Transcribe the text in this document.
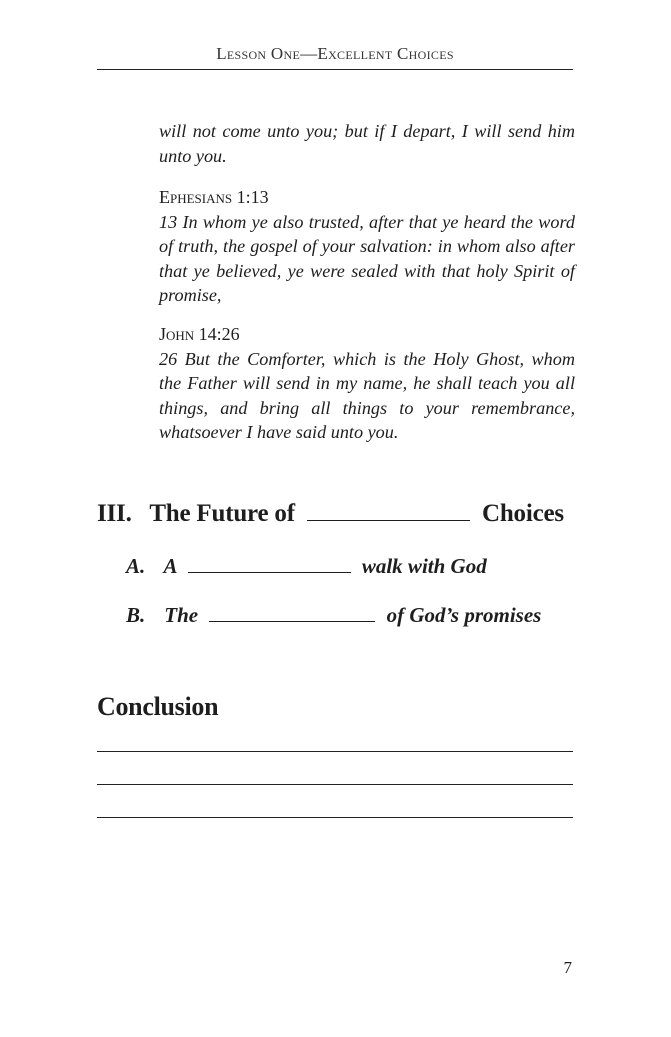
Lesson One—Excellent Choices
will not come unto you; but if I depart, I will send him unto you.
Ephesians 1:13
13 In whom ye also trusted, after that ye heard the word of truth, the gospel of your salvation: in whom also after that ye believed, ye were sealed with that holy Spirit of promise,
John 14:26
26 But the Comforter, which is the Holy Ghost, whom the Father will send in my name, he shall teach you all things, and bring all things to your remembrance, whatsoever I have said unto you.
III. The Future of	Choices
A. A	walk with God
B. The	of God’s promises
Conclusion
7
